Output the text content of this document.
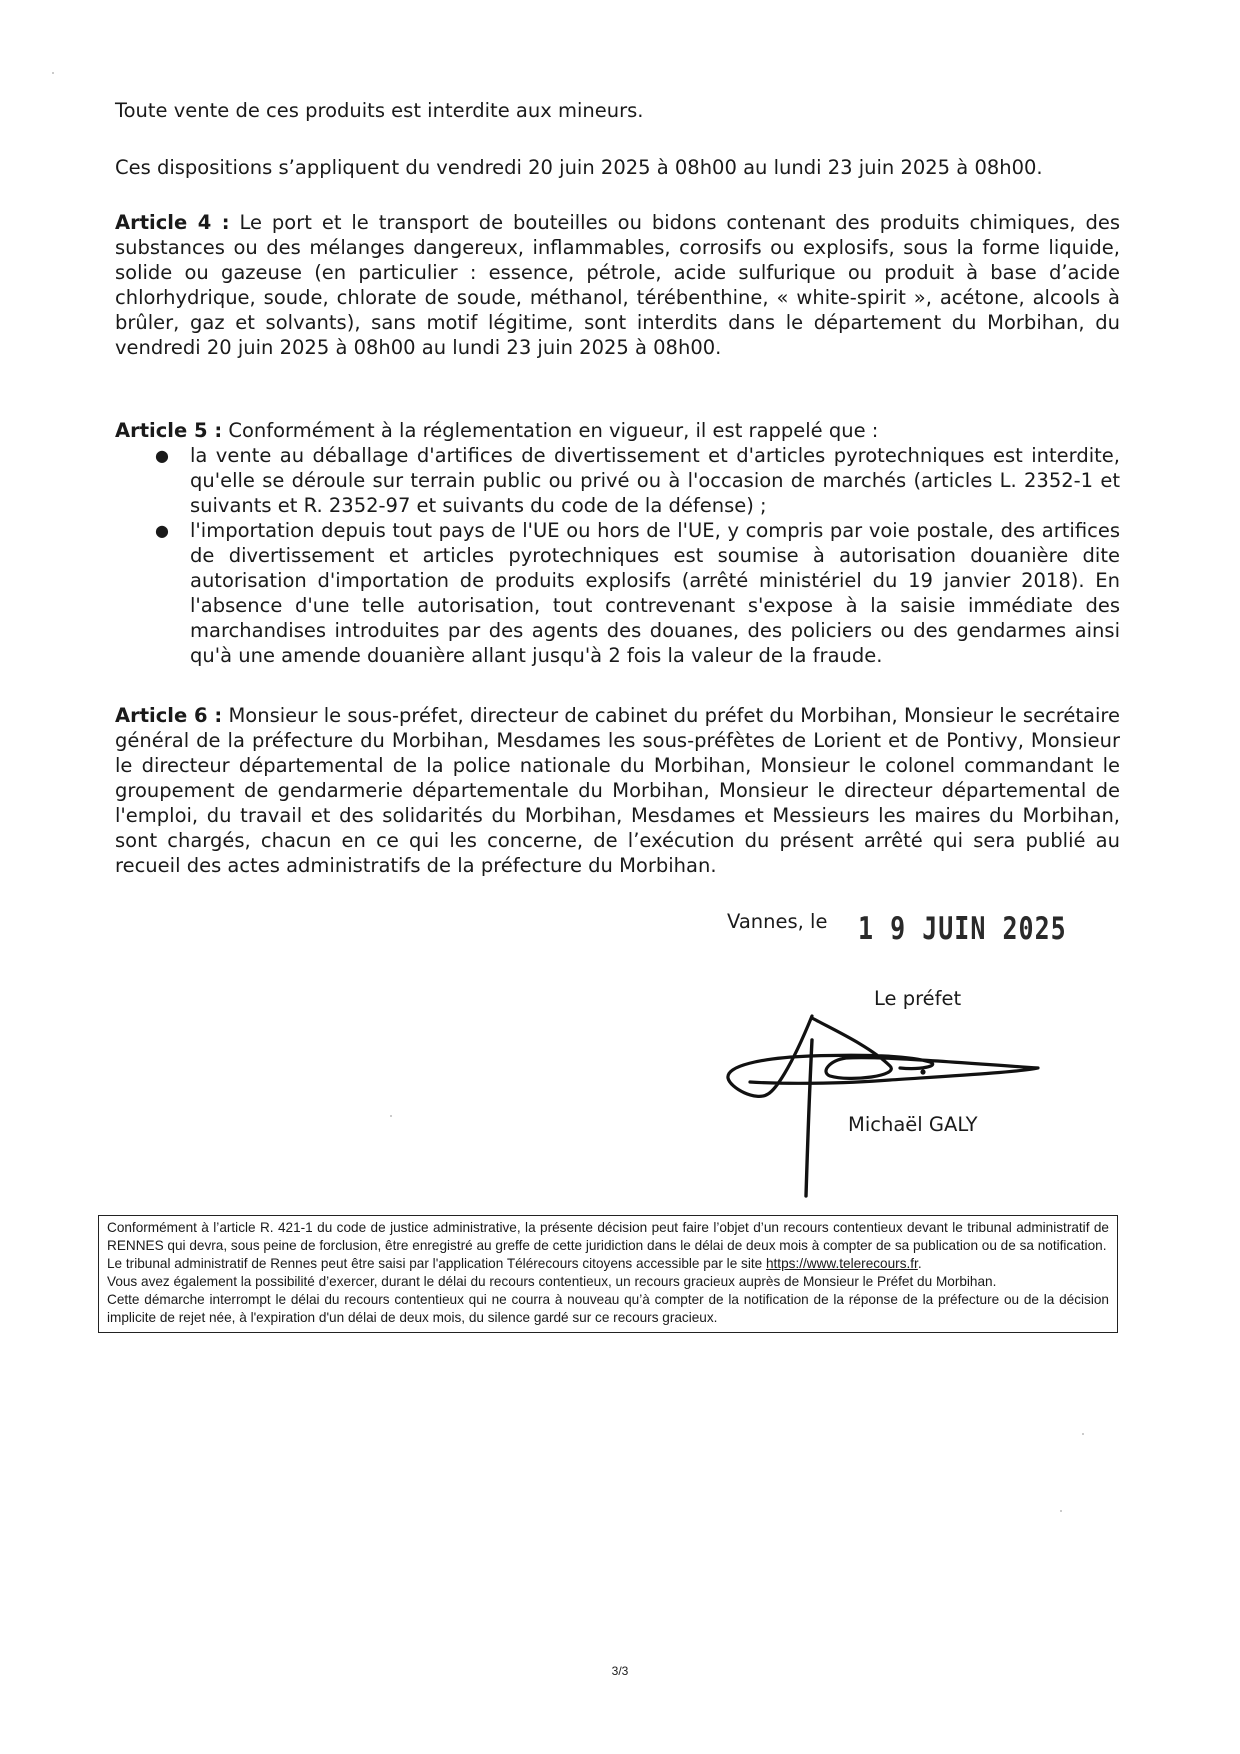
Toute vente de ces produits est interdite aux mineurs.

Ces dispositions s’appliquent du vendredi 20 juin 2025 à 08h00 au lundi 23 juin 2025 à 08h00.

Article 4 : Le port et le transport de bouteilles ou bidons contenant des produits chimiques, des substances ou des mélanges dangereux, inflammables, corrosifs ou explosifs, sous la forme liquide, solide ou gazeuse (en particulier : essence, pétrole, acide sulfurique ou produit à base d’acide chlorhydrique, soude, chlorate de soude, méthanol, térébenthine, « white-spirit », acétone, alcools à brûler, gaz et solvants), sans motif légitime, sont interdits dans le département du Morbihan, du vendredi 20 juin 2025 à 08h00 au lundi 23 juin 2025 à 08h00.

Article 5 : Conformément à la réglementation en vigueur, il est rappelé que :

● la vente au déballage d'artifices de divertissement et d'articles pyrotechniques est interdite, qu'elle se déroule sur terrain public ou privé ou à l'occasion de marchés (articles L. 2352-1 et suivants et R. 2352-97 et suivants du code de la défense) ;
● l'importation depuis tout pays de l'UE ou hors de l'UE, y compris par voie postale, des artifices de divertissement et articles pyrotechniques est soumise à autorisation douanière dite autorisation d'importation de produits explosifs (arrêté ministériel du 19 janvier 2018). En l'absence d'une telle autorisation, tout contrevenant s'expose à la saisie immédiate des marchandises introduites par des agents des douanes, des policiers ou des gendarmes ainsi qu'à une amende douanière allant jusqu'à 2 fois la valeur de la fraude.

Article 6 : Monsieur le sous-préfet, directeur de cabinet du préfet du Morbihan, Monsieur le secrétaire général de la préfecture du Morbihan, Mesdames les sous-préfètes de Lorient et de Pontivy, Monsieur le directeur départemental de la police nationale du Morbihan, Monsieur le colonel commandant le groupement de gendarmerie départementale du Morbihan, Monsieur le directeur départemental de l'emploi, du travail et des solidarités du Morbihan, Mesdames et Messieurs les maires du Morbihan, sont chargés, chacun en ce qui les concerne, de l’exécution du présent arrêté qui sera publié au recueil des actes administratifs de la préfecture du Morbihan.

Vannes, le 1 9 JUIN 2025
Le préfet
Michaël GALY

Conformément à l’article R. 421-1 du code de justice administrative, la présente décision peut faire l’objet d’un recours contentieux devant le tribunal administratif de RENNES qui devra, sous peine de forclusion, être enregistré au greffe de cette juridiction dans le délai de deux mois à compter de sa publication ou de sa notification.

Le tribunal administratif de Rennes peut être saisi par l'application Télérecours citoyens accessible par le site https://www.telerecours.fr.

Vous avez également la possibilité d’exercer, durant le délai du recours contentieux, un recours gracieux auprès de Monsieur le Préfet du Morbihan.

Cette démarche interrompt le délai du recours contentieux qui ne courra à nouveau qu’à compter de la notification de la réponse de la préfecture ou de la décision implicite de rejet née, à l'expiration d'un délai de deux mois, du silence gardé sur ce recours gracieux.

3/3
